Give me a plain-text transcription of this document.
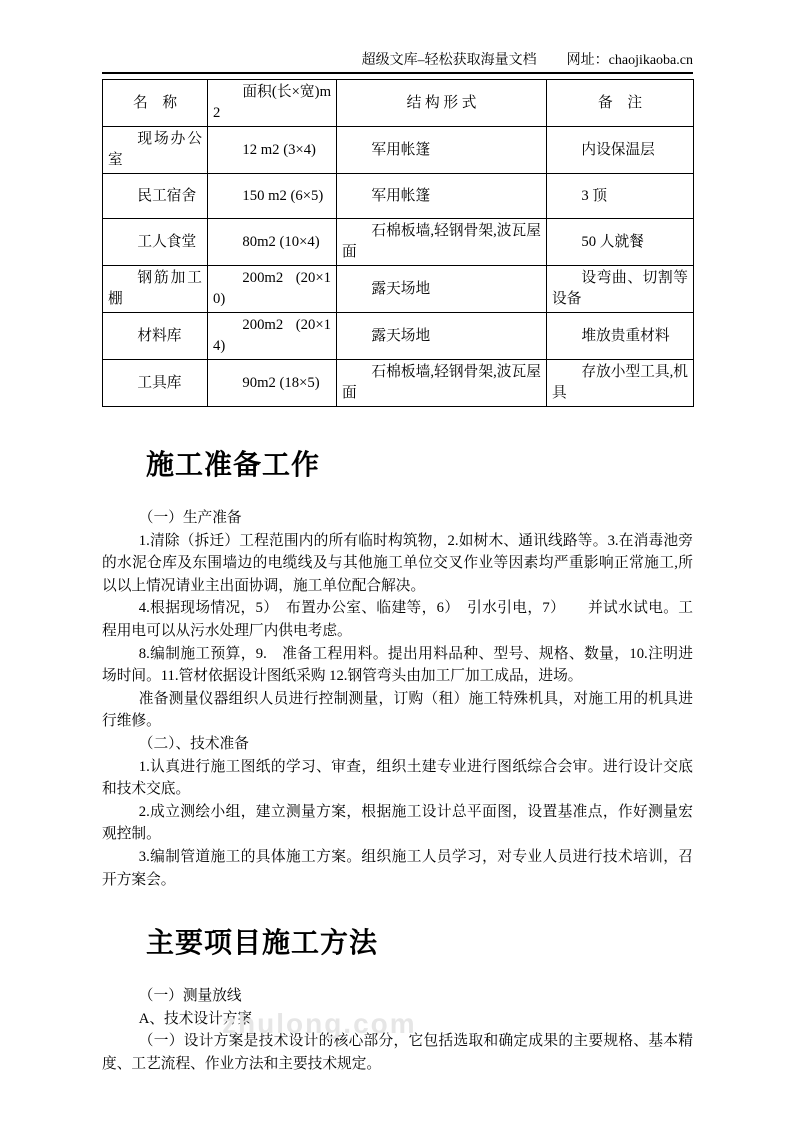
超级文库–轻松获取海量文档 网址：chaojikaoba.cn
名　称	面积(长×宽)m2	结 构 形 式	备　注
现场办公室	12 m2 (3×4)	军用帐篷	内设保温层
民工宿舍	150 m2 (6×5)	军用帐篷	3 顶
工人食堂	80m2 (10×4)	石棉板墙,轻钢骨架,波瓦屋面	50 人就餐
钢筋加工棚	200m2 (20×10)	露天场地	设弯曲、切割等设备
材料库	200m2 (20×14)	露天场地	堆放贵重材料
工具库	90m2 (18×5)	石棉板墙,轻钢骨架,波瓦屋面	存放小型工具,机具
施工准备工作

（一）生产准备

1.清除（拆迁）工程范围内的所有临时构筑物，2.如树木、通讯线路等。3.在消毒池旁的水泥仓库及东围墙边的电缆线及与其他施工单位交叉作业等因素均严重影响正常施工,所以以上情况请业主出面协调，施工单位配合解决。

4.根据现场情况，5）　布置办公室、临建等，6）　引水引电，7）　　并试水试电。工程用电可以从污水处理厂内供电考虑。

8.编制施工预算，9.　准备工程用料。提出用料品种、型号、规格、数量，10.注明进场时间。11.管材依据设计图纸采购 12.钢管弯头由加工厂加工成品，进场。

准备测量仪器组织人员进行控制测量，订购（租）施工特殊机具，对施工用的机具进行维修。

（二）、技术准备

1.认真进行施工图纸的学习、审查，组织土建专业进行图纸综合会审。进行设计交底和技术交底。

2.成立测绘小组，建立测量方案，根据施工设计总平面图，设置基准点，作好测量宏观控制。

3.编制管道施工的具体施工方案。组织施工人员学习，对专业人员进行技术培训，召开方案会。

主要项目施工方法

（一）测量放线

A、技术设计方案

（一）设计方案是技术设计的核心部分，它包括选取和确定成果的主要规格、基本精度、工艺流程、作业方法和主要技术规定。

zhulong.com
